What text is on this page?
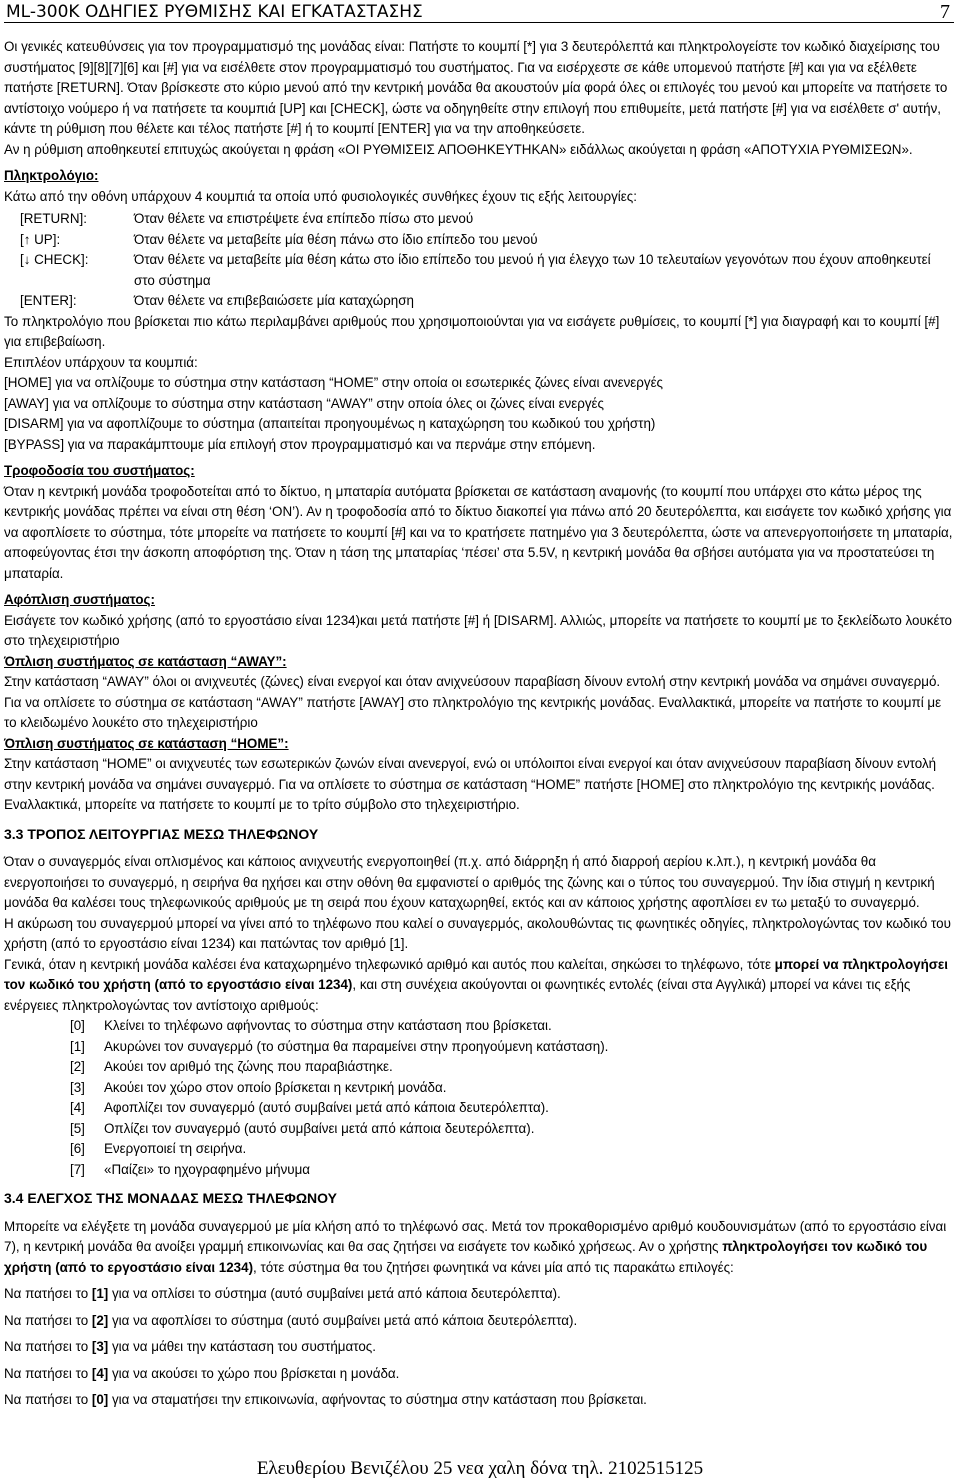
ML-300K ΟΔΗΓΙΕΣ ΡΥΘΜΙΣΗΣ ΚΑΙ ΕΓΚΑΤΑΣΤΑΣΗΣ	7

Οι γενικές κατευθύνσεις για τον προγραμματισμό της μονάδας είναι: Πατήστε το κουμπί [*] για 3 δευτερόλεπτά και πληκτρολογείστε τον κωδικό διαχείρισης του συστήματος [9][8][7][6] και [#] για να εισέλθετε στον προγραμματισμό του συστήματος. Για να εισέρχεστε σε κάθε υπομενού πατήστε [#] και για να εξέλθετε πατήστε [RETURN]. Όταν βρίσκεστε στο κύριο μενού από την κεντρική μονάδα θα ακουστούν μία φορά όλες οι επιλογές του μενού και μπορείτε να πατήσετε το αντίστοιχο νούμερο ή να πατήσετε τα κουμπιά [UP] και [CHECK], ώστε να οδηγηθείτε στην επιλογή που επιθυμείτε, μετά πατήστε [#] για να εισέλθετε σ' αυτήν, κάντε τη ρύθμιση που θέλετε και τέλος πατήστε [#] ή το κουμπί [ENTER] για να την αποθηκεύσετε.

Αν η ρύθμιση αποθηκευτεί επιτυχώς ακούγεται η φράση «ΟΙ ΡΥΘΜΙΣΕΙΣ ΑΠΟΘΗΚΕΥΤΗΚΑΝ» ειδάλλως ακούγεται η φράση «ΑΠΟΤΥΧΙΑ ΡΥΘΜΙΣΕΩΝ».

Πληκτρολόγιο:

Κάτω από την οθόνη υπάρχουν 4 κουμπιά τα οποία υπό φυσιολογικές συνθήκες έχουν τις εξής λειτουργίες:

[RETURN]:	Όταν θέλετε να επιστρέψετε ένα επίπεδο πίσω στο μενού
[↑ UP]:	Όταν θέλετε να μεταβείτε μία θέση πάνω στο ίδιο επίπεδο του μενού
[↓ CHECK]:	Όταν θέλετε να μεταβείτε μία θέση κάτω στο ίδιο επίπεδο του μενού ή για έλεγχο των 10 τελευταίων γεγονότων που έχουν αποθηκευτεί στο σύστημα
[ENTER]:	Όταν θέλετε να επιβεβαιώσετε μία καταχώρηση

Το πληκτρολόγιο που βρίσκεται πιο κάτω περιλαμβάνει αριθμούς που χρησιμοποιούνται για να εισάγετε ρυθμίσεις, το κουμπί [*] για διαγραφή και το κουμπί [#] για επιβεβαίωση.

Επιπλέον υπάρχουν τα κουμπιά:

[HOME] για να οπλίζουμε το σύστημα στην κατάσταση “HOME” στην οποία οι εσωτερικές ζώνες είναι ανενεργές

[AWAY] για να οπλίζουμε το σύστημα στην κατάσταση “AWAY” στην οποία όλες οι ζώνες είναι ενεργές

[DISARM] για να αφοπλίζουμε το σύστημα (απαιτείται προηγουμένως η καταχώρηση του κωδικού του χρήστη)

[BYPASS] για να παρακάμπτουμε μία επιλογή στον προγραμματισμό και να περνάμε στην επόμενη.

Τροφοδοσία του συστήματος:

Όταν η κεντρική μονάδα τροφοδοτείται από το δίκτυο, η μπαταρία αυτόματα βρίσκεται σε κατάσταση αναμονής (το κουμπί που υπάρχει στο κάτω μέρος της κεντρικής μονάδας πρέπει να είναι στη θέση ‘ON’). Αν η τροφοδοσία από το δίκτυο διακοπεί για πάνω από 20 δευτερόλεπτα, και εισάγετε τον κωδικό χρήσης για να αφοπλίσετε το σύστημα, τότε μπορείτε να πατήσετε το κουμπί [#] και να το κρατήσετε πατημένο για 3 δευτερόλεπτα, ώστε να απενεργοποιήσετε τη μπαταρία, αποφεύγοντας έτσι την άσκοπη αποφόρτιση της. Όταν η τάση της μπαταρίας ‘πέσει’ στα 5.5V, η κεντρική μονάδα θα σβήσει αυτόματα για να προστατεύσει τη μπαταρία.

Αφόπλιση συστήματος:

Εισάγετε τον κωδικό χρήσης (από το εργοστάσιο είναι 1234)και μετά πατήστε [#] ή [DISARM]. Αλλιώς, μπορείτε να πατήσετε το κουμπί με το ξεκλείδωτο λουκέτο στο τηλεχειριστήριο

Όπλιση συστήματος σε κατάσταση “AWAY”:

Στην κατάσταση “AWAY” όλοι οι ανιχνευτές (ζώνες) είναι ενεργοί και όταν ανιχνεύσουν παραβίαση δίνουν εντολή στην κεντρική μονάδα να σημάνει συναγερμό. Για να οπλίσετε το σύστημα σε κατάσταση “AWAY” πατήστε [AWAY] στο πληκτρολόγιο της κεντρικής μονάδας. Εναλλακτικά, μπορείτε να πατήστε το κουμπί με το κλειδωμένο λουκέτο στο τηλεχειριστήριο

Όπλιση συστήματος σε κατάσταση “HOME”:

Στην κατάσταση “HOME” οι ανιχνευτές των εσωτερικών ζωνών είναι ανενεργοί, ενώ οι υπόλοιποι είναι ενεργοί και όταν ανιχνεύσουν παραβίαση δίνουν εντολή στην κεντρική μονάδα να σημάνει συναγερμό. Για να οπλίσετε το σύστημα σε κατάσταση “HOME” πατήστε [HOME] στο πληκτρολόγιο της κεντρικής μονάδας. Εναλλακτικά, μπορείτε να πατήσετε το κουμπί με το τρίτο σύμβολο στο τηλεχειριστήριο.

3.3 ΤΡΟΠΟΣ ΛΕΙΤΟΥΡΓΙΑΣ ΜΕΣΩ ΤΗΛΕΦΩΝΟΥ

Όταν ο συναγερμός είναι οπλισμένος και κάποιος ανιχνευτής ενεργοποιηθεί (π.χ. από διάρρηξη ή από διαρροή αερίου κ.λπ.), η κεντρική μονάδα θα ενεργοποιήσει το συναγερμό, η σειρήνα θα ηχήσει και στην οθόνη θα εμφανιστεί ο αριθμός της ζώνης και ο τύπος του συναγερμού. Την ίδια στιγμή η κεντρική μονάδα θα καλέσει τους τηλεφωνικούς αριθμούς με τη σειρά που έχουν καταχωρηθεί, εκτός και αν κάποιος χρήστης αφοπλίσει εν τω μεταξύ το συναγερμό.

Η ακύρωση του συναγερμού μπορεί να γίνει από το τηλέφωνο που καλεί ο συναγερμός, ακολουθώντας τις φωνητικές οδηγίες, πληκτρολογώντας τον κωδικό του χρήστη (από το εργοστάσιο είναι 1234) και πατώντας τον αριθμό [1].

Γενικά, όταν η κεντρική μονάδα καλέσει ένα καταχωρημένο τηλεφωνικό αριθμό και αυτός που καλείται, σηκώσει το τηλέφωνο, τότε μπορεί να πληκτρολογήσει τον κωδικό του χρήστη (από το εργοστάσιο είναι 1234), και στη συνέχεια ακούγονται οι φωνητικές εντολές (είναι στα Αγγλικά) μπορεί να κάνει τις εξής ενέργειες πληκτρολογώντας τον αντίστοιχο αριθμούς:

[0]	Κλείνει το τηλέφωνο αφήνοντας το σύστημα στην κατάσταση που βρίσκεται.
[1]	Ακυρώνει τον συναγερμό (το σύστημα θα παραμείνει στην προηγούμενη κατάσταση).
[2]	Ακούει τον αριθμό της ζώνης που παραβιάστηκε.
[3]	Ακούει τον χώρο στον οποίο βρίσκεται η κεντρική μονάδα.
[4]	Αφοπλίζει τον συναγερμό (αυτό συμβαίνει μετά από κάποια δευτερόλεπτα).
[5]	Οπλίζει τον συναγερμό (αυτό συμβαίνει μετά από κάποια δευτερόλεπτα).
[6]	Ενεργοποιεί τη σειρήνα.
[7]	«Παίζει» το ηχογραφημένο μήνυμα

3.4 ΕΛΕΓΧΟΣ ΤΗΣ ΜΟΝΑΔΑΣ ΜΕΣΩ ΤΗΛΕΦΩΝΟΥ

Μπορείτε να ελέγξετε τη μονάδα συναγερμού με μία κλήση από το τηλέφωνό σας. Μετά τον προκαθορισμένο αριθμό κουδουνισμάτων (από το εργοστάσιο είναι 7), η κεντρική μονάδα θα ανοίξει γραμμή επικοινωνίας και θα σας ζητήσει να εισάγετε τον κωδικό χρήσεως. Αν ο χρήστης πληκτρολογήσει τον κωδικό του χρήστη (από το εργοστάσιο είναι 1234), τότε σύστημα θα του ζητήσει φωνητικά να κάνει μία από τις παρακάτω επιλογές:

Να πατήσει το [1] για να οπλίσει το σύστημα (αυτό συμβαίνει μετά από κάποια δευτερόλεπτα).

Να πατήσει το [2] για να αφοπλίσει το σύστημα (αυτό συμβαίνει μετά από κάποια δευτερόλεπτα).

Να πατήσει το [3] για να μάθει την κατάσταση του συστήματος.

Να πατήσει το [4] για να ακούσει το χώρο που βρίσκεται η μονάδα.

Να πατήσει το [0] για να σταματήσει την επικοινωνία, αφήνοντας το σύστημα στην κατάσταση που βρίσκεται.

Ελευθερίου Βενιζέλου 25 νεα χαλη δόνα τηλ. 2102515125
